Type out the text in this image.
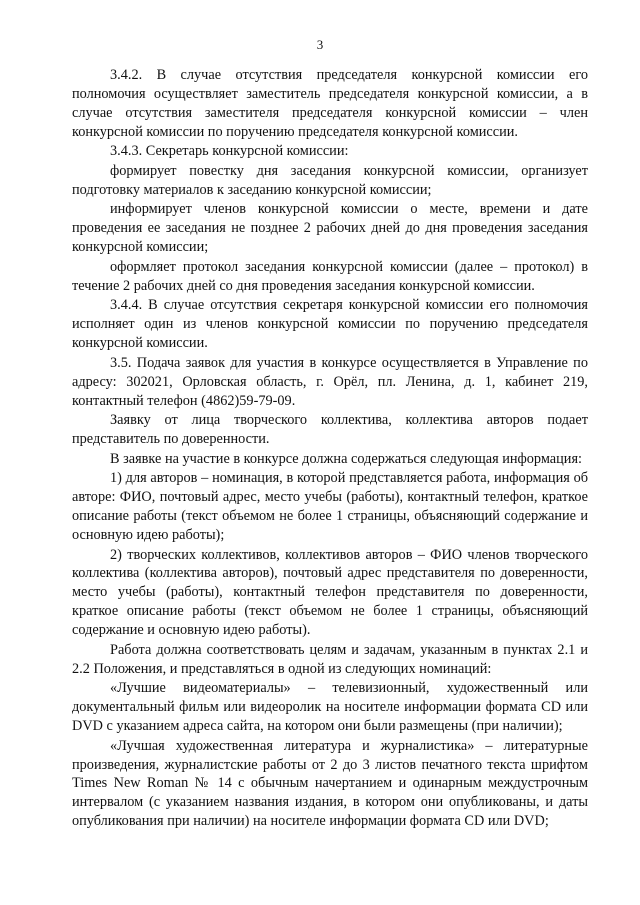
3

3.4.2. В случае отсутствия председателя конкурсной комиссии его полномочия осуществляет заместитель председателя конкурсной комиссии, а в случае отсутствия заместителя председателя конкурсной комиссии – член конкурсной комиссии по поручению председателя конкурсной комиссии.

3.4.3. Секретарь конкурсной комиссии:

формирует повестку дня заседания конкурсной комиссии, организует подготовку материалов к заседанию конкурсной комиссии;

информирует членов конкурсной комиссии о месте, времени и дате проведения ее заседания не позднее 2 рабочих дней до дня проведения заседания конкурсной комиссии;

оформляет протокол заседания конкурсной комиссии (далее – протокол) в течение 2 рабочих дней со дня проведения заседания конкурсной комиссии.

3.4.4. В случае отсутствия секретаря конкурсной комиссии его полномочия исполняет один из членов конкурсной комиссии по поручению председателя конкурсной комиссии.

3.5. Подача заявок для участия в конкурсе осуществляется в Управление по адресу: 302021, Орловская область, г. Орёл, пл. Ленина, д. 1, кабинет 219, контактный телефон (4862)59-79-09.

Заявку от лица творческого коллектива, коллектива авторов подает представитель по доверенности.

В заявке на участие в конкурсе должна содержаться следующая информация:

1) для авторов – номинация, в которой представляется работа, информация об авторе: ФИО, почтовый адрес, место учебы (работы), контактный телефон, краткое описание работы (текст объемом не более 1 страницы, объясняющий содержание и основную идею работы);

2) творческих коллективов, коллективов авторов – ФИО членов творческого коллектива (коллектива авторов), почтовый адрес представителя по доверенности, место учебы (работы), контактный телефон представителя по доверенности, краткое описание работы (текст объемом не более 1 страницы, объясняющий содержание и основную идею работы).

Работа должна соответствовать целям и задачам, указанным в пунктах 2.1 и 2.2 Положения, и представляться в одной из следующих номинаций:

«Лучшие видеоматериалы» – телевизионный, художественный или документальный фильм или видеоролик на носителе информации формата CD или DVD с указанием адреса сайта, на котором они были размещены (при наличии);

«Лучшая художественная литература и журналистика» – литературные произведения, журналистские работы от 2 до 3 листов печатного текста шрифтом Times New Roman № 14 с обычным начертанием и одинарным междустрочным интервалом (с указанием названия издания, в котором они опубликованы, и даты опубликования при наличии) на носителе информации формата CD или DVD;
